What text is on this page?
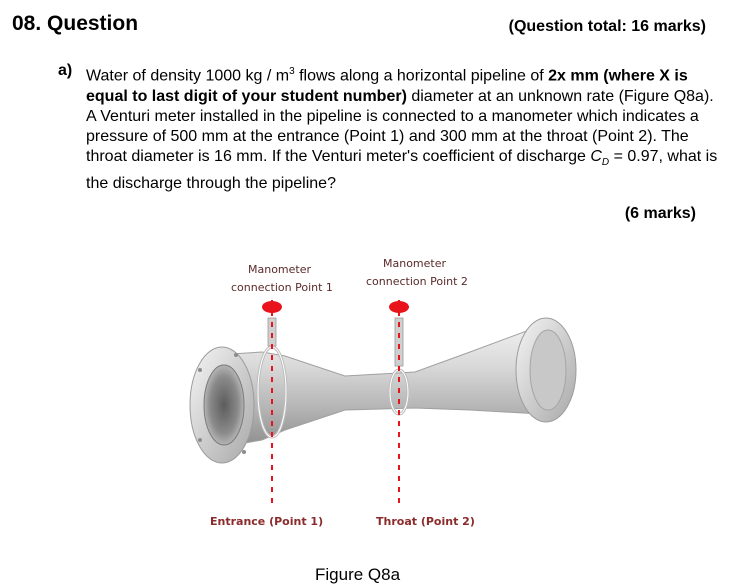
08. Question	(Question total: 16 marks)
a) Water of density 1000 kg / $m^3$ flows along a horizontal pipeline of 2x mm (where X is equal to last digit of your student number) diameter at an unknown rate (Figure Q8a). A Venturi meter installed in the pipeline is connected to a manometer which indicates a pressure of 500 mm at the entrance (Point 1) and 300 mm at the throat (Point 2). The throat diameter is 16 mm. If the Venturi meter's coefficient of discharge $C_D = 0.97$, what is the discharge through the pipeline?
(6 marks)
Manometer
connection Point 1
Manometer
connection Point 2
Entrance (Point 1)	Throat (Point 2)
Figure Q8a
